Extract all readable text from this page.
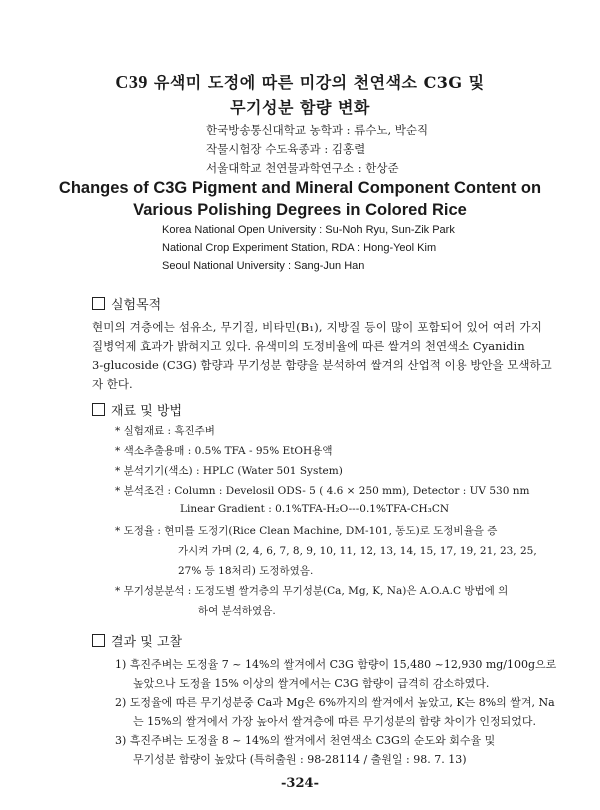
C39 유색미 도정에 따른 미강의 천연색소 C3G 및
무기성분 함량 변화
한국방송통신대학교 농학과 : 류수노, 박순직
작물시험장 수도육종과 : 김홍렬
서울대학교 천연물과학연구소 : 한상준
Changes of C3G Pigment and Mineral Component Content on
Various Polishing Degrees in Colored Rice
Korea National Open University : Su-Noh Ryu, Sun-Zik Park
National Crop Experiment Station, RDA : Hong-Yeol Kim
Seoul National University : Sang-Jun Han
실험목적
현미의 겨층에는 섬유소, 무기질, 비타민(B₁), 지방질 등이 많이 포함되어 있어 여러 가지
질병억제 효과가 밝혀지고 있다. 유색미의 도정비율에 따른 쌀겨의 천연색소 Cyanidin
3-glucoside (C3G) 함량과 무기성분 함량을 분석하여 쌀겨의 산업적 이용 방안을 모색하고
자 한다.
재료 및 방법
* 실험재료 : 흑진주벼
* 색소추출용매 : 0.5% TFA - 95% EtOH용액
* 분석기기(색소) : HPLC (Water 501 System)
* 분석조건 : Column : Develosil ODS- 5 ( 4.6 × 250 mm), Detector : UV 530 nm
Linear Gradient : 0.1%TFA-H₂O---0.1%TFA-CH₃CN
* 도정율 : 현미를 도정기(Rice Clean Machine, DM-101, 동도)로 도정비율을 증
가시켜 가며 (2, 4, 6, 7, 8, 9, 10, 11, 12, 13, 14, 15, 17, 19, 21, 23, 25,
27% 등 18처리) 도정하였음.
* 무기성분분석 : 도정도별 쌀겨층의 무기성분(Ca, Mg, K, Na)은 A.O.A.C 방법에 의
하여 분석하였음.
결과 및 고찰
1) 흑진주벼는 도정율 7 ~ 14%의 쌀겨에서 C3G 함량이 15,480 ~12,930 mg/100g으로
높았으나 도정율 15% 이상의 쌀겨에서는 C3G 함량이 급격히 감소하였다.
2) 도정율에 따른 무기성분중 Ca과 Mg은 6%까지의 쌀겨에서 높았고, K는 8%의 쌀겨, Na
는 15%의 쌀겨에서 가장 높아서 쌀겨층에 따른 무기성분의 함량 차이가 인정되었다.
3) 흑진주벼는 도정율 8 ~ 14%의 쌀겨에서 천연색소 C3G의 순도와 회수율 및
무기성분 함량이 높았다 (특허출원 : 98-28114 / 출원일 : 98. 7. 13)
-324-
